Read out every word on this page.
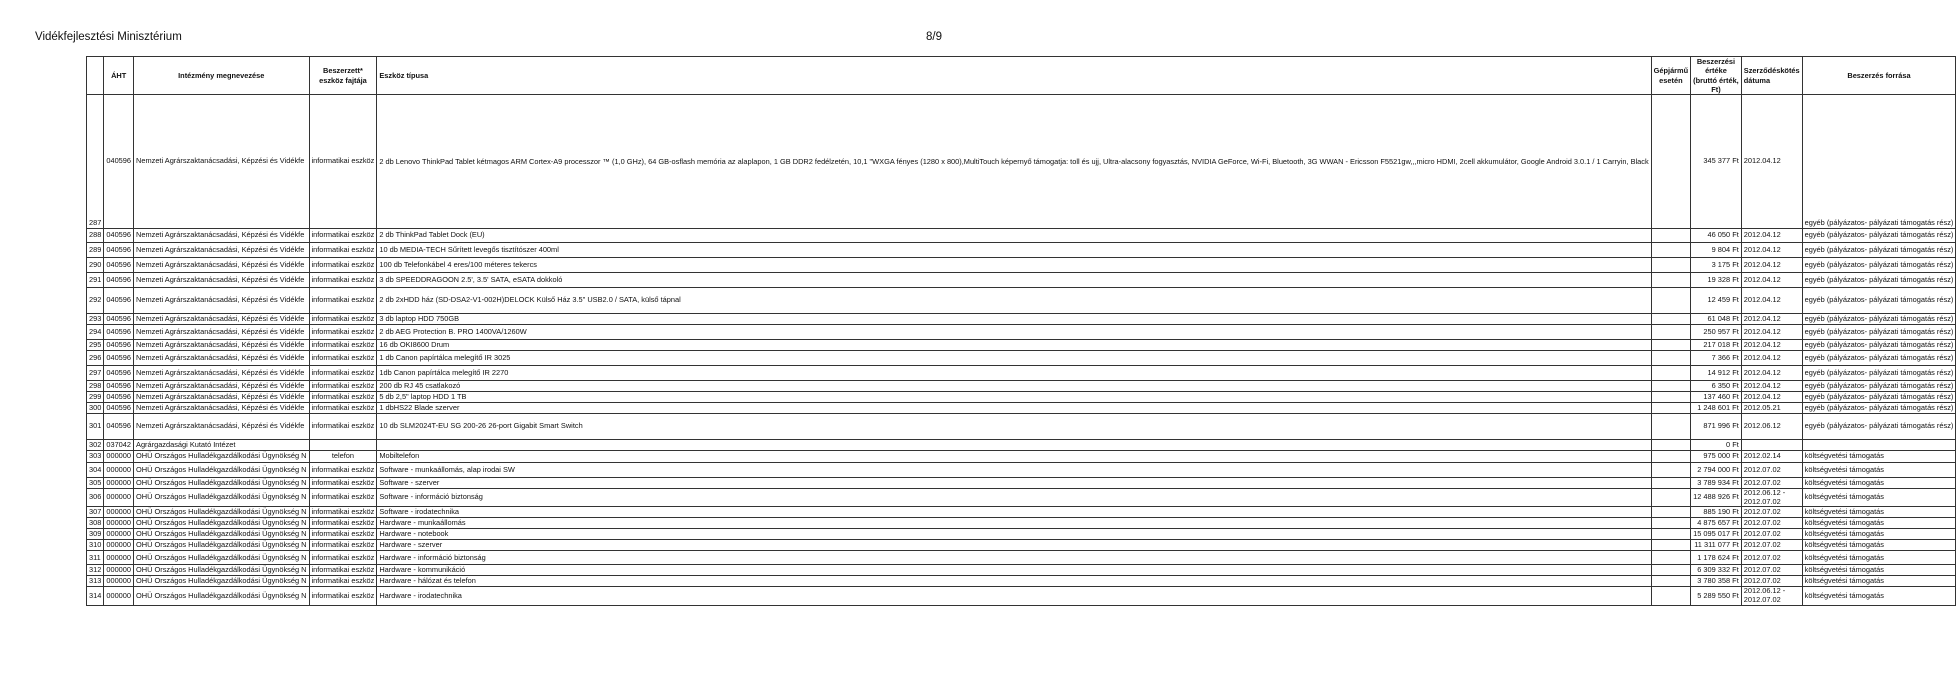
Vidékfejlesztési Minisztérium	8/9
	ÁHT	Intézmény megnevezése	Beszerzett* eszköz fajtája	Eszköz típusa	Gépjármű esetén	Beszerzési értéke (bruttó érték, Ft)	Szerződéskötés dátuma	Beszerzés forrása
287	040596	Nemzeti Agrárszaktanácsadási, Képzési és Vidékfe	informatikai eszköz	2 db Lenovo ThinkPad Tablet kétmagos ARM Cortex-A9 processzor ™ (1,0 GHz), 64 GB-osflash memória az alaplapon, 1 GB DDR2 fedélzetén, 10,1 "WXGA fényes (1280 x 800),MultiTouch képernyő támogatja: toll és ujj, Ultra-alacsony fogyasztás, NVIDIA GeForce, Wi-Fi, Bluetooth, 3G WWAN - Ericsson F5521gw,,,micro HDMI, 2cell akkumulátor, Google Android 3.0.1 / 1 Carryin, Black		345 377 Ft	2012.04.12	egyéb (pályázatos- pályázati támogatás rész)
288	040596	Nemzeti Agrárszaktanácsadási, Képzési és Vidékfe	informatikai eszköz	2 db ThinkPad Tablet Dock (EU)		46 050 Ft	2012.04.12	egyéb (pályázatos- pályázati támogatás rész)
289	040596	Nemzeti Agrárszaktanácsadási, Képzési és Vidékfe	informatikai eszköz	10 db MEDIA-TECH Sűrített levegős tisztítószer 400ml		9 804 Ft	2012.04.12	egyéb (pályázatos- pályázati támogatás rész)
290	040596	Nemzeti Agrárszaktanácsadási, Képzési és Vidékfe	informatikai eszköz	100 db Telefonkábel 4 eres/100 méteres tekercs		3 175 Ft	2012.04.12	egyéb (pályázatos- pályázati támogatás rész)
291	040596	Nemzeti Agrárszaktanácsadási, Képzési és Vidékfe	informatikai eszköz	3 db SPEEDDRAGOON 2.5', 3.5' SATA, eSATA dokkoló		19 328 Ft	2012.04.12	egyéb (pályázatos- pályázati támogatás rész)
292	040596	Nemzeti Agrárszaktanácsadási, Képzési és Vidékfe	informatikai eszköz	2 db 2xHDD ház (SD-DSA2-V1-002H)DELOCK Külső Ház 3.5" USB2.0 / SATA, külső tápnal		12 459 Ft	2012.04.12	egyéb (pályázatos- pályázati támogatás rész)
293	040596	Nemzeti Agrárszaktanácsadási, Képzési és Vidékfe	informatikai eszköz	3 db laptop HDD 750GB		61 048 Ft	2012.04.12	egyéb (pályázatos- pályázati támogatás rész)
294	040596	Nemzeti Agrárszaktanácsadási, Képzési és Vidékfe	informatikai eszköz	2 db AEG Protection B. PRO 1400VA/1260W		250 957 Ft	2012.04.12	egyéb (pályázatos- pályázati támogatás rész)
295	040596	Nemzeti Agrárszaktanácsadási, Képzési és Vidékfe	informatikai eszköz	16 db OKI8600 Drum		217 018 Ft	2012.04.12	egyéb (pályázatos- pályázati támogatás rész)
296	040596	Nemzeti Agrárszaktanácsadási, Képzési és Vidékfe	informatikai eszköz	1 db Canon papírtálca melegítő IR 3025		7 366 Ft	2012.04.12	egyéb (pályázatos- pályázati támogatás rész)
297	040596	Nemzeti Agrárszaktanácsadási, Képzési és Vidékfe	informatikai eszköz	1db Canon papírtálca melegítő IR 2270		14 912 Ft	2012.04.12	egyéb (pályázatos- pályázati támogatás rész)
298	040596	Nemzeti Agrárszaktanácsadási, Képzési és Vidékfe	informatikai eszköz	200 db RJ 45 csatlakozó		6 350 Ft	2012.04.12	egyéb (pályázatos- pályázati támogatás rész)
299	040596	Nemzeti Agrárszaktanácsadási, Képzési és Vidékfe	informatikai eszköz	5 db 2,5" laptop HDD 1 TB		137 460 Ft	2012.04.12	egyéb (pályázatos- pályázati támogatás rész)
300	040596	Nemzeti Agrárszaktanácsadási, Képzési és Vidékfe	informatikai eszköz	1 dbHS22 Blade szerver		1 248 601 Ft	2012.05.21	egyéb (pályázatos- pályázati támogatás rész)
301	040596	Nemzeti Agrárszaktanácsadási, Képzési és Vidékfe	informatikai eszköz	10 db SLM2024T-EU SG 200-26 26-port Gigabit Smart Switch		871 996 Ft	2012.06.12	egyéb (pályázatos- pályázati támogatás rész)
302	037042	Agrárgazdasági Kutató Intézet				0 Ft		
303	000000	OHÜ Országos Hulladékgazdálkodási Ügynökség N	telefon	Mobiltelefon		975 000 Ft	2012.02.14	költségvetési támogatás
304	000000	OHÜ Országos Hulladékgazdálkodási Ügynökség N	informatikai eszköz	Software - munkaállomás, alap irodai SW		2 794 000 Ft	2012.07.02	költségvetési támogatás
305	000000	OHÜ Országos Hulladékgazdálkodási Ügynökség N	informatikai eszköz	Software - szerver		3 789 934 Ft	2012.07.02	költségvetési támogatás
306	000000	OHÜ Országos Hulladékgazdálkodási Ügynökség N	informatikai eszköz	Software - információ biztonság		12 488 926 Ft	2012.06.12 - 2012.07.02	költségvetési támogatás
307	000000	OHÜ Országos Hulladékgazdálkodási Ügynökség N	informatikai eszköz	Software - irodatechnika		885 190 Ft	2012.07.02	költségvetési támogatás
308	000000	OHÜ Országos Hulladékgazdálkodási Ügynökség N	informatikai eszköz	Hardware - munkaállomás		4 875 657 Ft	2012.07.02	költségvetési támogatás
309	000000	OHÜ Országos Hulladékgazdálkodási Ügynökség N	informatikai eszköz	Hardware - notebook		15 095 017 Ft	2012.07.02	költségvetési támogatás
310	000000	OHÜ Országos Hulladékgazdálkodási Ügynökség N	informatikai eszköz	Hardware - szerver		11 311 077 Ft	2012.07.02	költségvetési támogatás
311	000000	OHÜ Országos Hulladékgazdálkodási Ügynökség N	informatikai eszköz	Hardware - információ biztonság		1 178 624 Ft	2012.07.02	költségvetési támogatás
312	000000	OHÜ Országos Hulladékgazdálkodási Ügynökség N	informatikai eszköz	Hardware - kommunikáció		6 309 332 Ft	2012.07.02	költségvetési támogatás
313	000000	OHÜ Országos Hulladékgazdálkodási Ügynökség N	informatikai eszköz	Hardware - hálózat és telefon		3 780 358 Ft	2012.07.02	költségvetési támogatás
314	000000	OHÜ Országos Hulladékgazdálkodási Ügynökség N	informatikai eszköz	Hardware - irodatechnika		5 289 550 Ft	2012.06.12 - 2012.07.02	költségvetési támogatás
